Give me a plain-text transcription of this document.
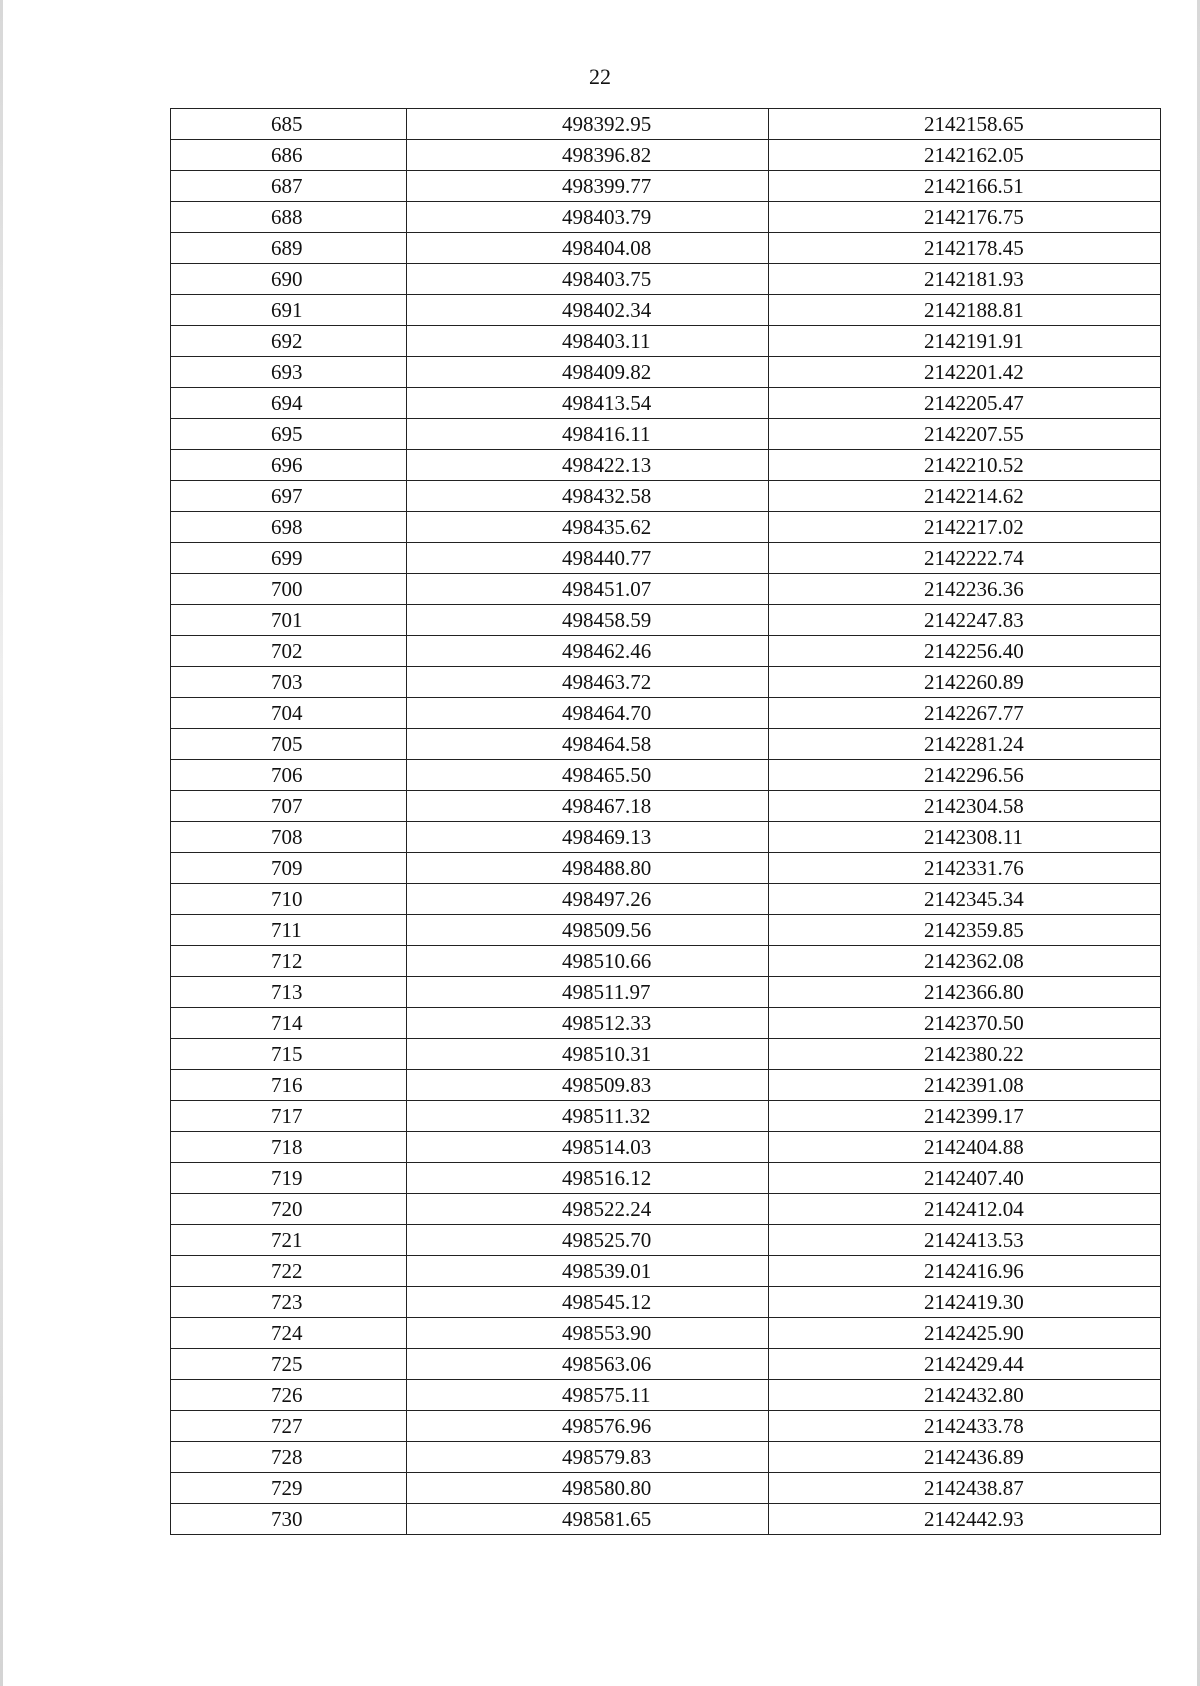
22
685	498392.95	2142158.65
686	498396.82	2142162.05
687	498399.77	2142166.51
688	498403.79	2142176.75
689	498404.08	2142178.45
690	498403.75	2142181.93
691	498402.34	2142188.81
692	498403.11	2142191.91
693	498409.82	2142201.42
694	498413.54	2142205.47
695	498416.11	2142207.55
696	498422.13	2142210.52
697	498432.58	2142214.62
698	498435.62	2142217.02
699	498440.77	2142222.74
700	498451.07	2142236.36
701	498458.59	2142247.83
702	498462.46	2142256.40
703	498463.72	2142260.89
704	498464.70	2142267.77
705	498464.58	2142281.24
706	498465.50	2142296.56
707	498467.18	2142304.58
708	498469.13	2142308.11
709	498488.80	2142331.76
710	498497.26	2142345.34
711	498509.56	2142359.85
712	498510.66	2142362.08
713	498511.97	2142366.80
714	498512.33	2142370.50
715	498510.31	2142380.22
716	498509.83	2142391.08
717	498511.32	2142399.17
718	498514.03	2142404.88
719	498516.12	2142407.40
720	498522.24	2142412.04
721	498525.70	2142413.53
722	498539.01	2142416.96
723	498545.12	2142419.30
724	498553.90	2142425.90
725	498563.06	2142429.44
726	498575.11	2142432.80
727	498576.96	2142433.78
728	498579.83	2142436.89
729	498580.80	2142438.87
730	498581.65	2142442.93
